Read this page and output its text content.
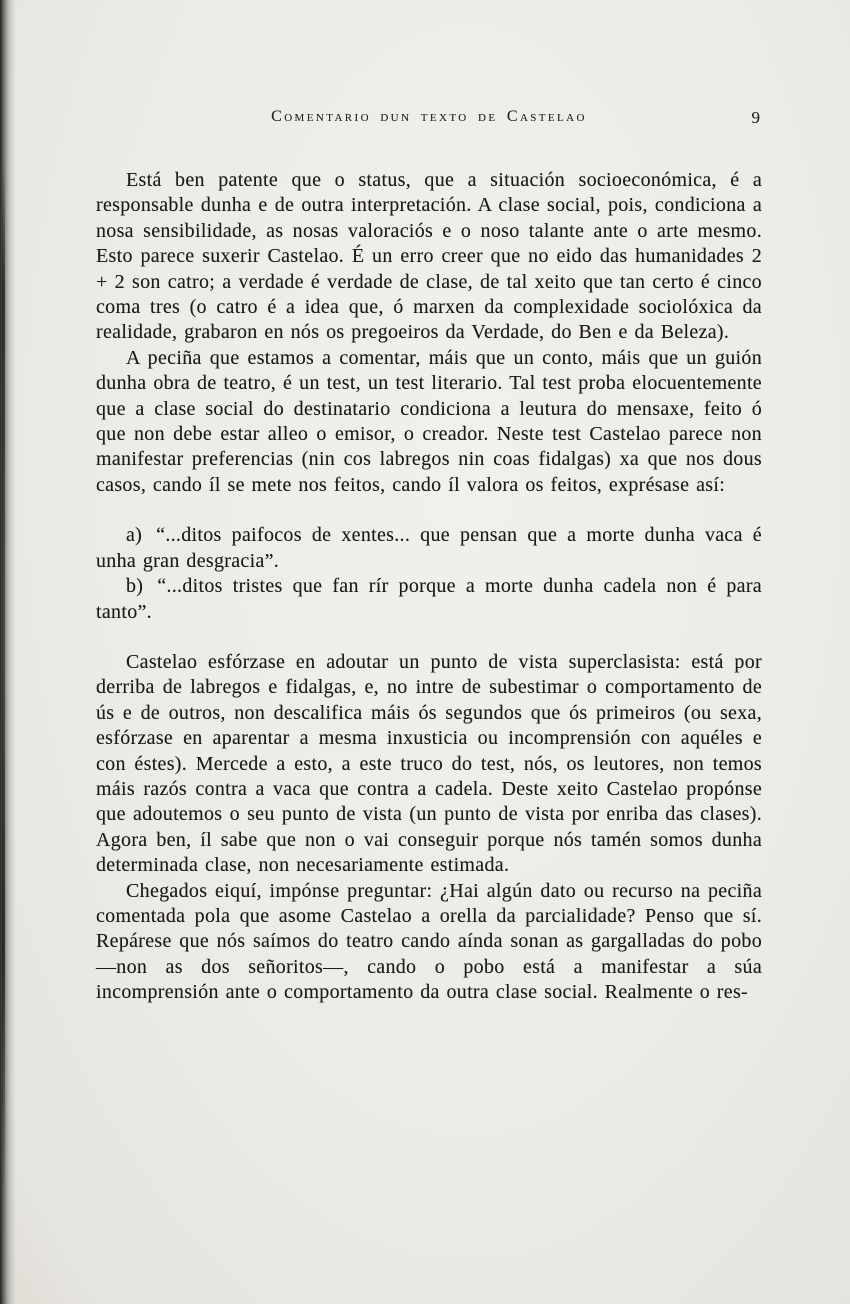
Comentario dun texto de Castelao	9

Está ben patente que o status, que a situación socioeconómica, é a responsable dunha e de outra interpretación. A clase social, pois, condiciona a nosa sensibilidade, as nosas valoraciós e o noso talante ante o arte mesmo. Esto parece suxerir Castelao. É un erro creer que no eido das humanidades 2 + 2 son catro; a verdade é verdade de clase, de tal xeito que tan certo é cinco coma tres (o catro é a idea que, ó marxen da complexidade sociolóxica da realidade, grabaron en nós os pregoeiros da Verdade, do Ben e da Beleza).

A peciña que estamos a comentar, máis que un conto, máis que un guión dunha obra de teatro, é un test, un test literario. Tal test proba elocuentemente que a clase social do destinatario condiciona a leutura do mensaxe, feito ó que non debe estar alleo o emisor, o creador. Neste test Castelao parece non manifestar preferencias (nin cos labregos nin coas fidalgas) xa que nos dous casos, cando íl se mete nos feitos, cando íl valora os feitos, exprésase así:

a) “...ditos paifocos de xentes... que pensan que a morte dunha vaca é unha gran desgracia”.

b) “...ditos tristes que fan rír porque a morte dunha cadela non é para tanto”.

Castelao esfórzase en adoutar un punto de vista superclasista: está por derriba de labregos e fidalgas, e, no intre de subestimar o comportamento de ús e de outros, non descalifica máis ós segundos que ós primeiros (ou sexa, esfórzase en aparentar a mesma inxusticia ou incomprensión con aquéles e con éstes). Mercede a esto, a este truco do test, nós, os leutores, non temos máis razós contra a vaca que contra a cadela. Deste xeito Castelao propónse que adoutemos o seu punto de vista (un punto de vista por enriba das clases). Agora ben, íl sabe que non o vai conseguir porque nós tamén somos dunha determinada clase, non necesariamente estimada.

Chegados eiquí, impónse preguntar: ¿Hai algún dato ou recurso na peciña comentada pola que asome Castelao a orella da parcialidade? Penso que sí. Repárese que nós saímos do teatro cando aínda sonan as gargalladas do pobo —non as dos señoritos—, cando o pobo está a manifestar a súa incomprensión ante o comportamento da outra clase social. Realmente o res-
